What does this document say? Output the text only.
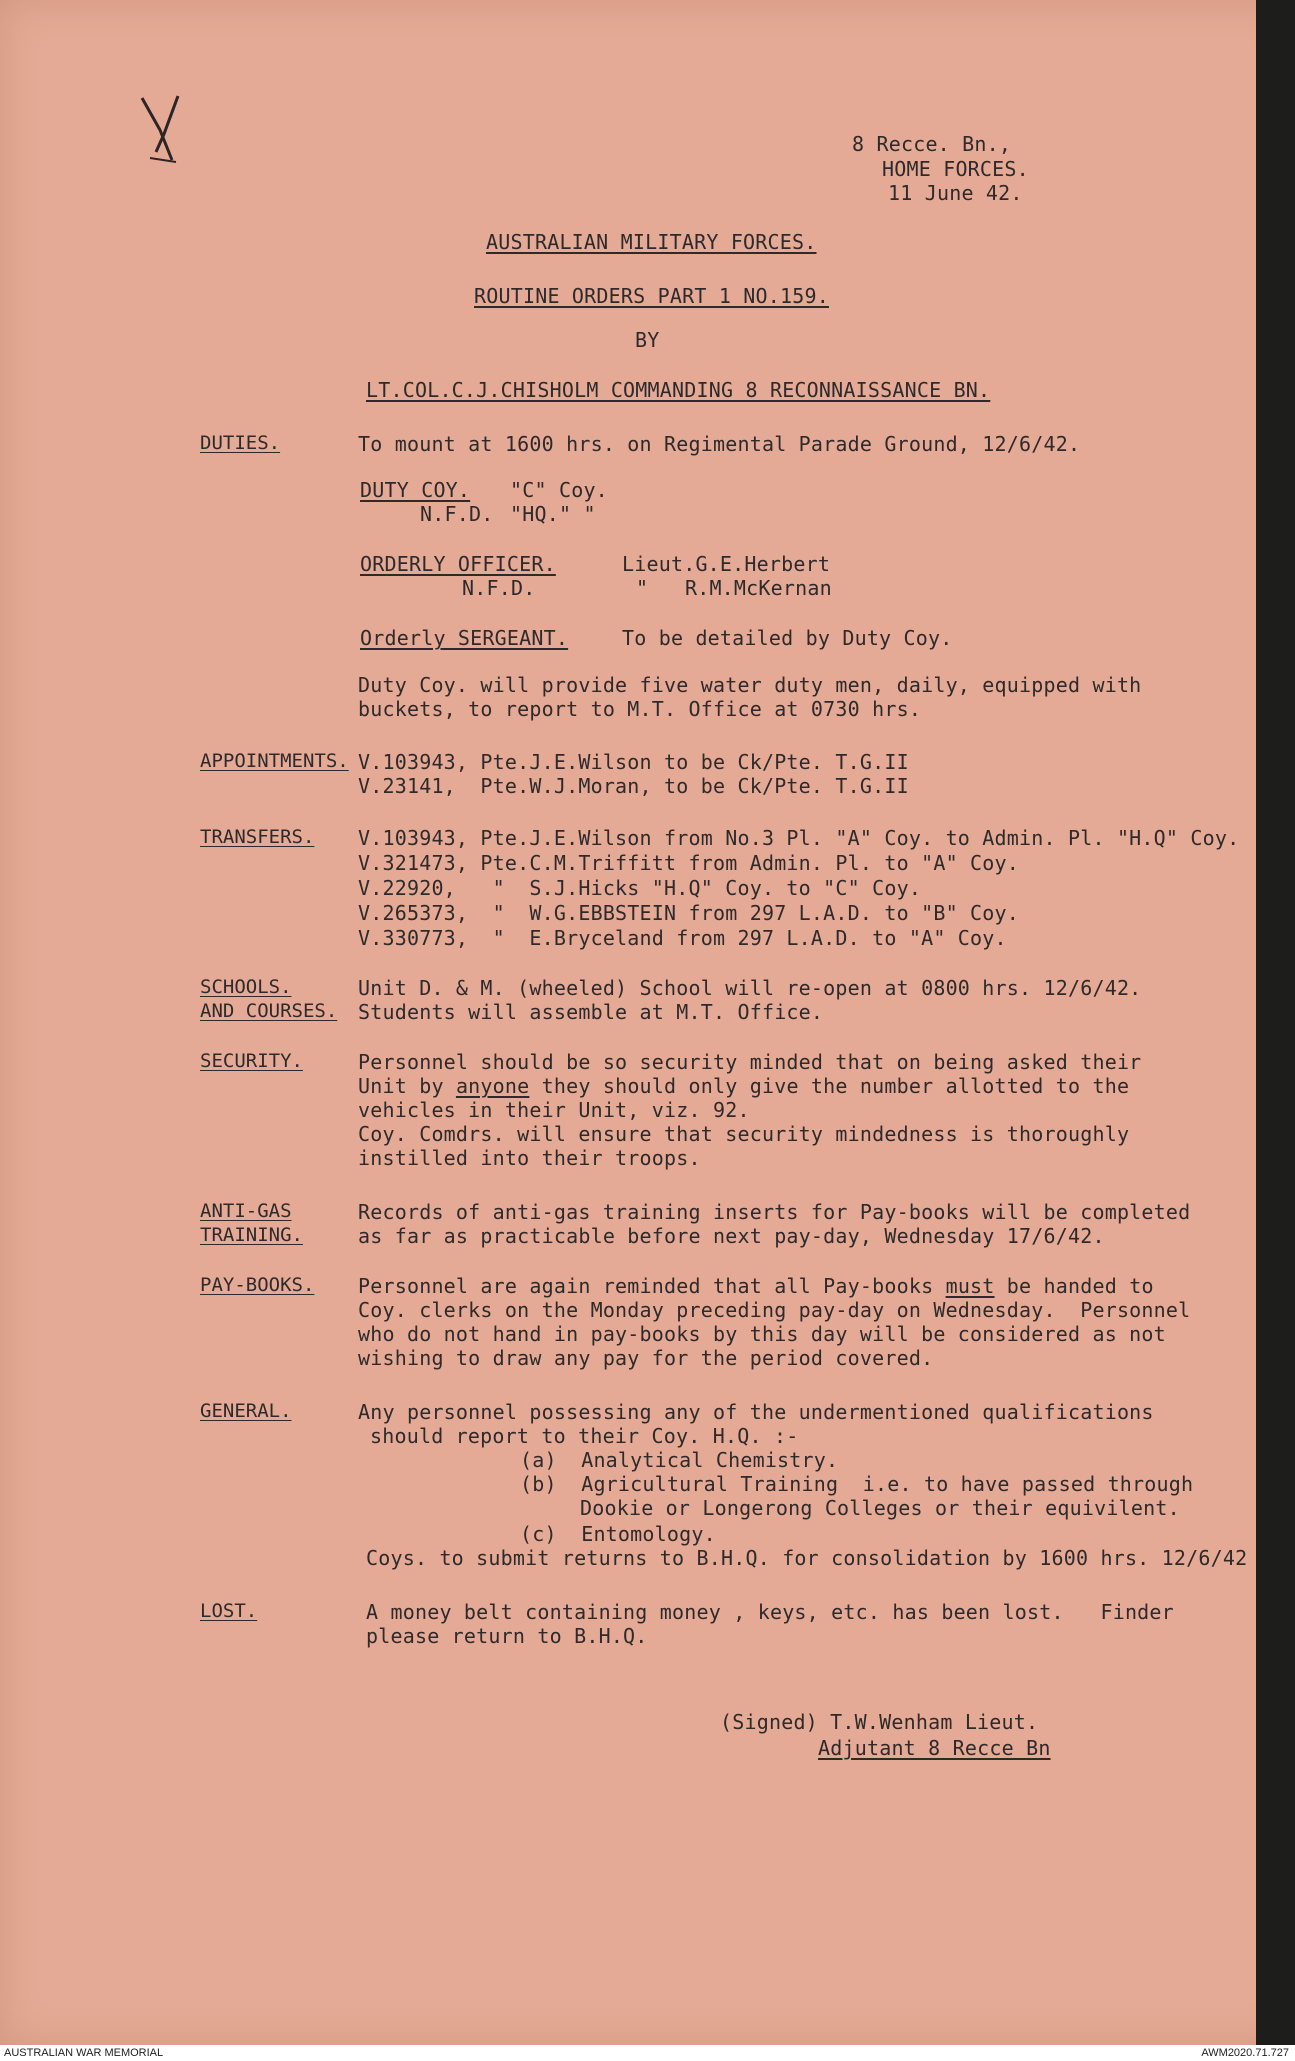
8 Recce. Bn.,
HOME FORCES.
11 June 42.
AUSTRALIAN MILITARY FORCES.
ROUTINE ORDERS PART 1 NO.159.
BY
LT.COL.C.J.CHISHOLM COMMANDING 8 RECONNAISSANCE BN.
DUTIES.	To mount at 1600 hrs. on Regimental Parade Ground, 12/6/42.
DUTY COY. "C" Coy.
N.F.D. "HQ." "
ORDERLY OFFICER.	Lieut.G.E.Herbert
N.F.D.	"   R.M.McKernan
Orderly SERGEANT.	To be detailed by Duty Coy.
Duty Coy. will provide five water duty men, daily, equipped with
buckets, to report to M.T. Office at 0730 hrs.
APPOINTMENTS. V.103943, Pte.J.E.Wilson to be Ck/Pte. T.G.II
V.23141,  Pte.W.J.Moran, to be Ck/Pte. T.G.II
TRANSFERS. V.103943, Pte.J.E.Wilson from No.3 Pl. "A" Coy. to Admin. Pl. "H.Q" Coy.
V.321473, Pte.C.M.Triffitt from Admin. Pl. to "A" Coy.
V.22920,   "  S.J.Hicks "H.Q" Coy. to "C" Coy.
V.265373,  "  W.G.EBBSTEIN from 297 L.A.D. to "B" Coy.
V.330773,  "  E.Bryceland from 297 L.A.D. to "A" Coy.
SCHOOLS.
AND COURSES.
Unit D. & M. (wheeled) School will re-open at 0800 hrs. 12/6/42.
Students will assemble at M.T. Office.
SECURITY.	Personnel should be so security minded that on being asked their
Unit by anyone they should only give the number allotted to the
vehicles in their Unit, viz. 92.
Coy. Comdrs. will ensure that security mindedness is thoroughly
instilled into their troops.
ANTI-GAS
TRAINING.
Records of anti-gas training inserts for Pay-books will be completed
as far as practicable before next pay-day, Wednesday 17/6/42.
PAY-BOOKS. Personnel are again reminded that all Pay-books must be handed to
Coy. clerks on the Monday preceding pay-day on Wednesday.  Personnel
who do not hand in pay-books by this day will be considered as not
wishing to draw any pay for the period covered.
GENERAL.	Any personnel possessing any of the undermentioned qualifications
should report to their Coy. H.Q. :-
(a)  Analytical Chemistry.
(b)  Agricultural Training  i.e. to have passed through
Dookie or Longerong Colleges or their equivilent.
(c)  Entomology.
Coys. to submit returns to B.H.Q. for consolidation by 1600 hrs. 12/6/42
LOST.	A money belt containing money , keys, etc. has been lost.   Finder
please return to B.H.Q.
(Signed) T.W.Wenham Lieut.
Adjutant 8 Recce Bn
AUSTRALIAN WAR MEMORIAL	AWM2020.71.727
